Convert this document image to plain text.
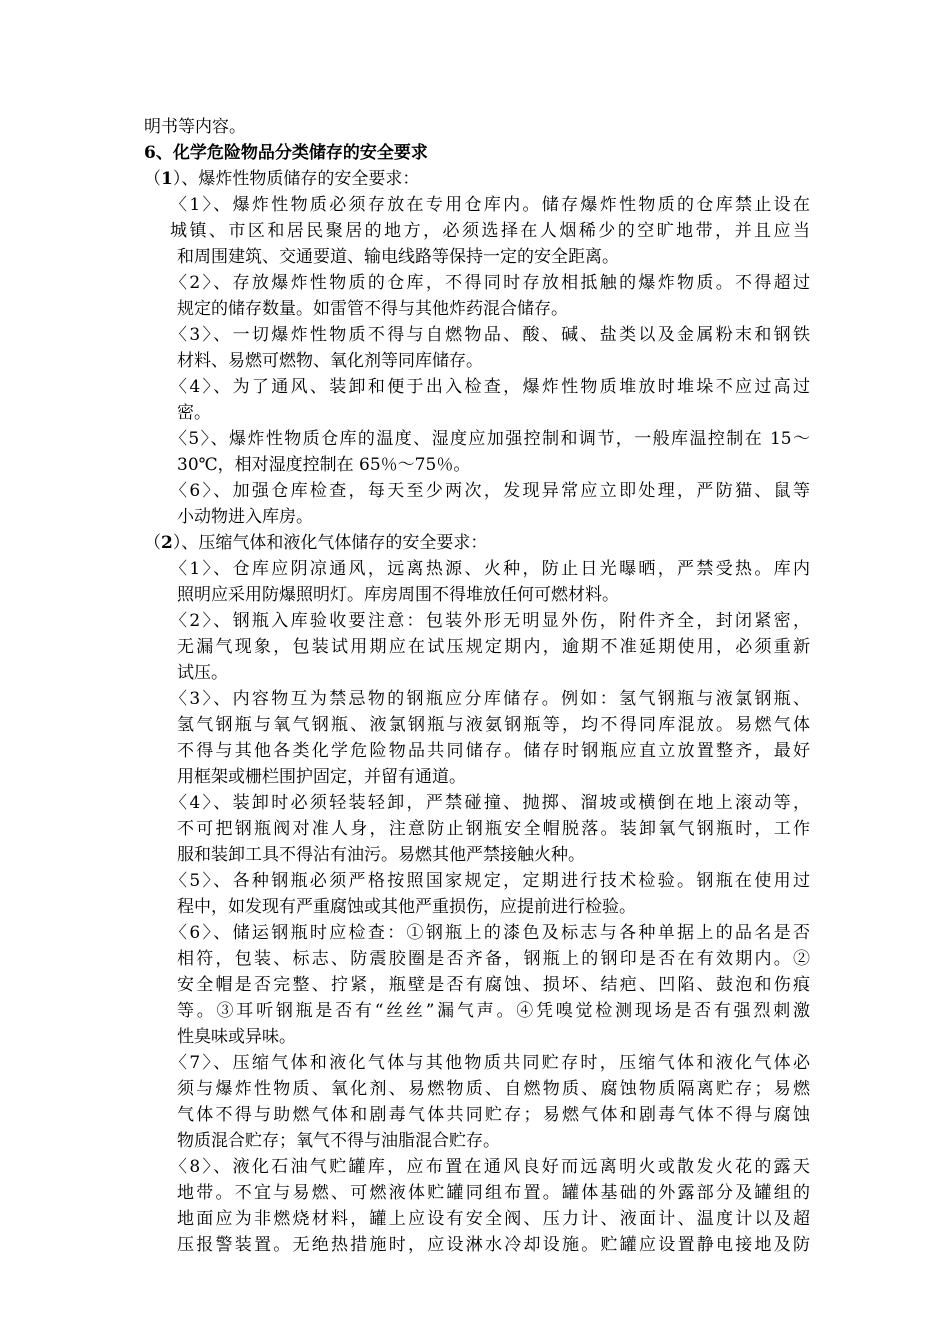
明书等内容。
6、化学危险物品分类储存的安全要求
（1）、爆炸性物质储存的安全要求：
〈1〉、爆炸性物质必须存放在专用仓库内。储存爆炸性物质的仓库禁止设在
城镇、市区和居民聚居的地方，必须选择在人烟稀少的空旷地带，并且应当
和周围建筑、交通要道、输电线路等保持一定的安全距离。
〈2〉、存放爆炸性物质的仓库，不得同时存放相抵触的爆炸物质。不得超过
规定的储存数量。如雷管不得与其他炸药混合储存。
〈3〉、一切爆炸性物质不得与自燃物品、酸、碱、盐类以及金属粉末和钢铁
材料、易燃可燃物、氧化剂等同库储存。
〈4〉、为了通风、装卸和便于出入检查，爆炸性物质堆放时堆垛不应过高过
密。
〈5〉、爆炸性物质仓库的温度、湿度应加强控制和调节，一般库温控制在 15～
30℃，相对湿度控制在 65％～75％。
〈6〉、加强仓库检查，每天至少两次，发现异常应立即处理，严防猫、鼠等
小动物进入库房。
（2）、压缩气体和液化气体储存的安全要求：
〈1〉、仓库应阴凉通风，远离热源、火种，防止日光曝晒，严禁受热。库内
照明应采用防爆照明灯。库房周围不得堆放任何可燃材料。
〈2〉、钢瓶入库验收要注意：包装外形无明显外伤，附件齐全，封闭紧密，
无漏气现象，包装试用期应在试压规定期内，逾期不准延期使用，必须重新
试压。
〈3〉、内容物互为禁忌物的钢瓶应分库储存。例如：氢气钢瓶与液氯钢瓶、
氢气钢瓶与氧气钢瓶、液氯钢瓶与液氨钢瓶等，均不得同库混放。易燃气体
不得与其他各类化学危险物品共同储存。储存时钢瓶应直立放置整齐，最好
用框架或栅栏围护固定，并留有通道。
〈4〉、装卸时必须轻装轻卸，严禁碰撞、抛掷、溜坡或横倒在地上滚动等，
不可把钢瓶阀对准人身，注意防止钢瓶安全帽脱落。装卸氧气钢瓶时，工作
服和装卸工具不得沾有油污。易燃其他严禁接触火种。
〈5〉、各种钢瓶必须严格按照国家规定，定期进行技术检验。钢瓶在使用过
程中，如发现有严重腐蚀或其他严重损伤，应提前进行检验。
〈6〉、储运钢瓶时应检查：①钢瓶上的漆色及标志与各种单据上的品名是否
相符，包装、标志、防震胶圈是否齐备，钢瓶上的钢印是否在有效期内。②
安全帽是否完整、拧紧，瓶壁是否有腐蚀、损坏、结疤、凹陷、鼓泡和伤痕
等。③耳听钢瓶是否有“丝丝”漏气声。④凭嗅觉检测现场是否有强烈刺激
性臭味或异味。
〈7〉、压缩气体和液化气体与其他物质共同贮存时，压缩气体和液化气体必
须与爆炸性物质、氧化剂、易燃物质、自燃物质、腐蚀物质隔离贮存；易燃
气体不得与助燃气体和剧毒气体共同贮存；易燃气体和剧毒气体不得与腐蚀
物质混合贮存；氧气不得与油脂混合贮存。
〈8〉、液化石油气贮罐库，应布置在通风良好而远离明火或散发火花的露天
地带。不宜与易燃、可燃液体贮罐同组布置。罐体基础的外露部分及罐组的
地面应为非燃烧材料，罐上应设有安全阀、压力计、液面计、温度计以及超
压报警装置。无绝热措施时，应设淋水冷却设施。贮罐应设置静电接地及防
